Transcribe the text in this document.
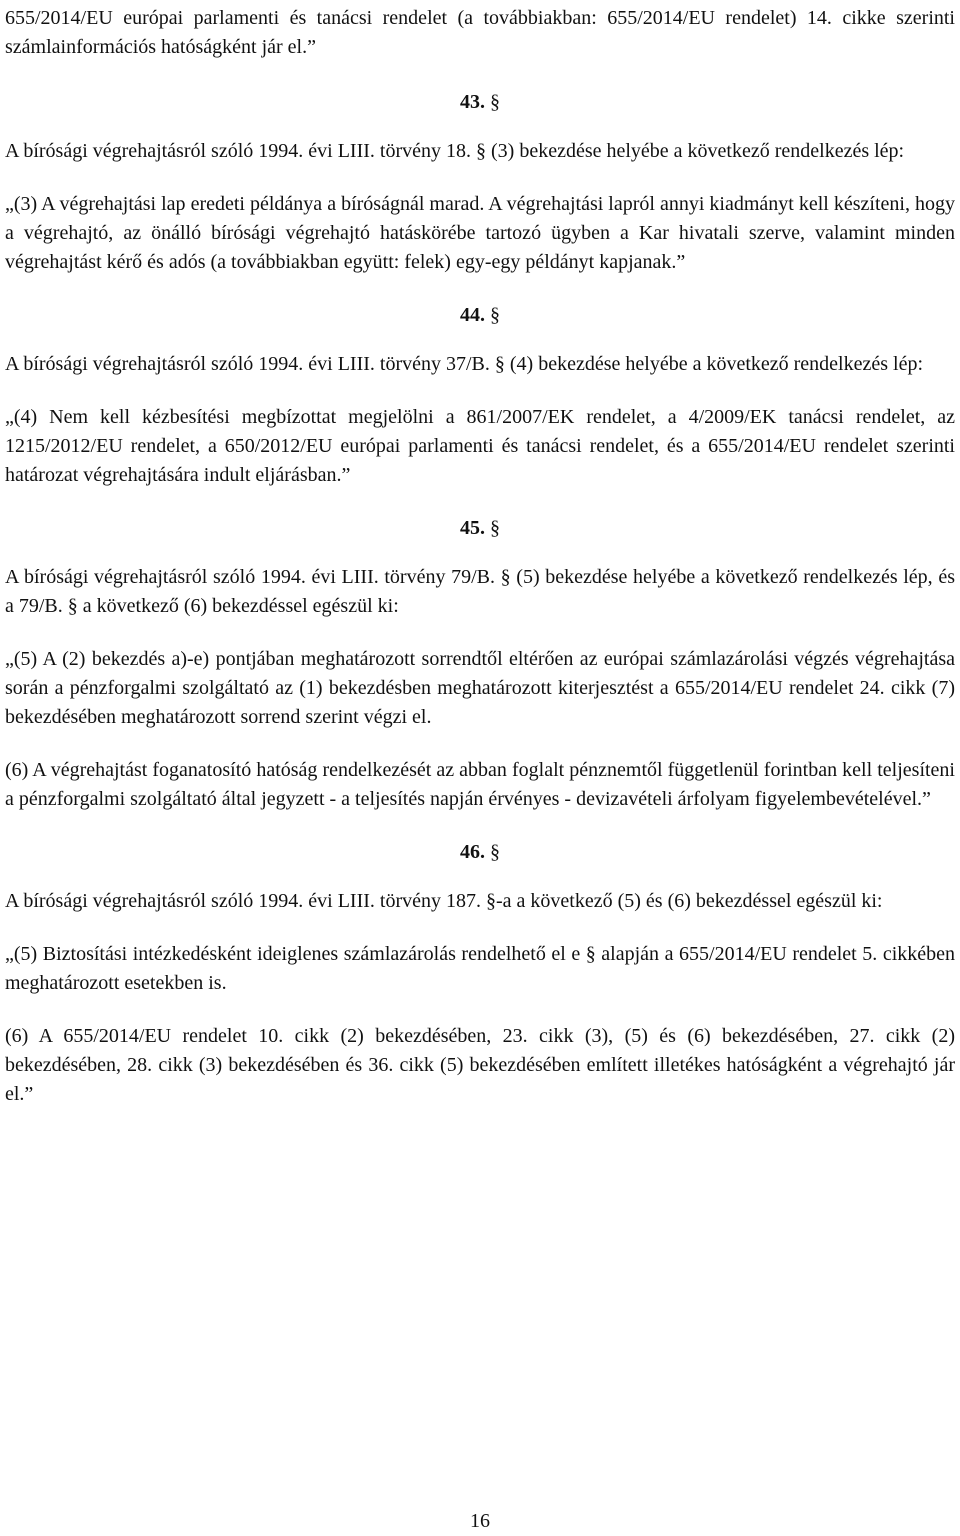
655/2014/EU európai parlamenti és tanácsi rendelet (a továbbiakban: 655/2014/EU rendelet) 14. cikke szerinti számlainformációs hatóságként jár el.”

43. §

A bírósági végrehajtásról szóló 1994. évi LIII. törvény 18. § (3) bekezdése helyébe a következő rendelkezés lép:

„(3) A végrehajtási lap eredeti példánya a bíróságnál marad. A végrehajtási lapról annyi kiadmányt kell készíteni, hogy a végrehajtó, az önálló bírósági végrehajtó hatáskörébe tartozó ügyben a Kar hivatali szerve, valamint minden végrehajtást kérő és adós (a továbbiakban együtt: felek) egy-egy példányt kapjanak.”

44. §

A bírósági végrehajtásról szóló 1994. évi LIII. törvény 37/B. § (4) bekezdése helyébe a következő rendelkezés lép:

„(4) Nem kell kézbesítési megbízottat megjelölni a 861/2007/EK rendelet, a 4/2009/EK tanácsi rendelet, az 1215/2012/EU rendelet, a 650/2012/EU európai parlamenti és tanácsi rendelet, és a 655/2014/EU rendelet szerinti határozat végrehajtására indult eljárásban.”

45. §

A bírósági végrehajtásról szóló 1994. évi LIII. törvény 79/B. § (5) bekezdése helyébe a következő rendelkezés lép, és a 79/B. § a következő (6) bekezdéssel egészül ki:

„(5) A (2) bekezdés a)-e) pontjában meghatározott sorrendtől eltérően az európai számlazárolási végzés végrehajtása során a pénzforgalmi szolgáltató az (1) bekezdésben meghatározott kiterjesztést a 655/2014/EU rendelet 24. cikk (7) bekezdésében meghatározott sorrend szerint végzi el.

(6) A végrehajtást foganatosító hatóság rendelkezését az abban foglalt pénznemtől függetlenül forintban kell teljesíteni a pénzforgalmi szolgáltató által jegyzett - a teljesítés napján érvényes - devizavételi árfolyam figyelembevételével.”

46. §

A bírósági végrehajtásról szóló 1994. évi LIII. törvény 187. §-a a következő (5) és (6) bekezdéssel egészül ki:

„(5) Biztosítási intézkedésként ideiglenes számlazárolás rendelhető el e § alapján a 655/2014/EU rendelet 5. cikkében meghatározott esetekben is.

(6) A 655/2014/EU rendelet 10. cikk (2) bekezdésében, 23. cikk (3), (5) és (6) bekezdésében, 27. cikk (2) bekezdésében, 28. cikk (3) bekezdésében és 36. cikk (5) bekezdésében említett illetékes hatóságként a végrehajtó jár el.”

16
